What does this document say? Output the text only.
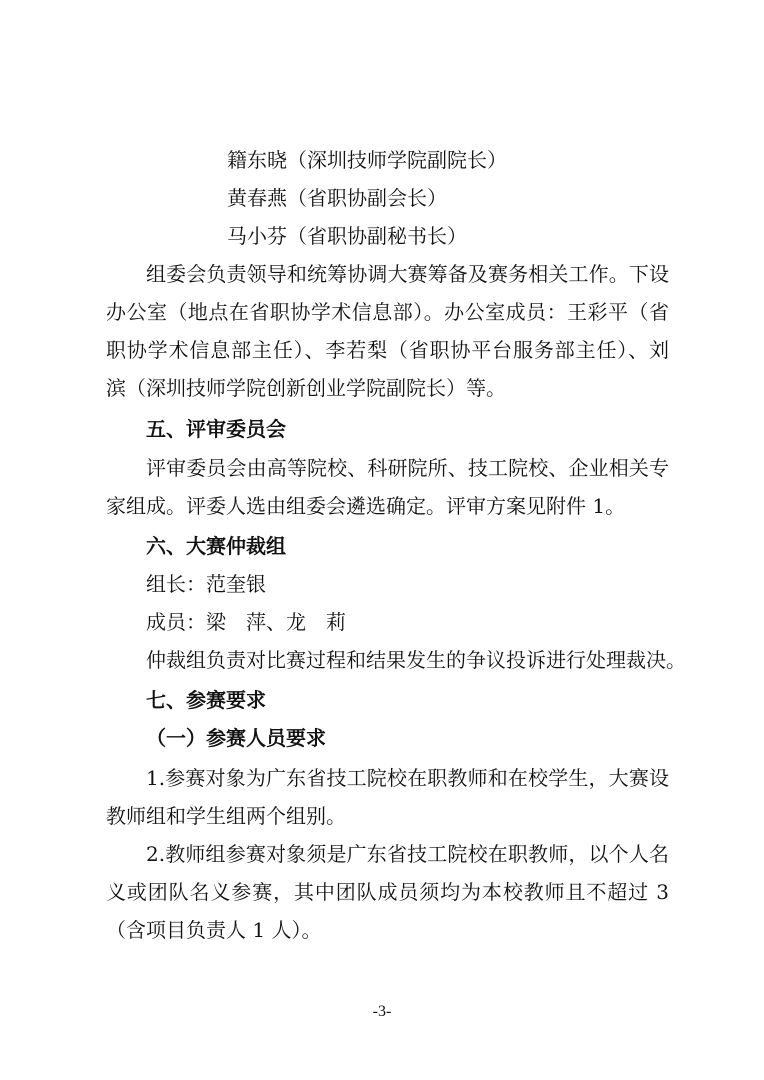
籍东晓（深圳技师学院副院长）
黄春燕（省职协副会长）
马小芬（省职协副秘书长）
组委会负责领导和统筹协调大赛筹备及赛务相关工作。下设
办公室（地点在省职协学术信息部）。办公室成员：王彩平（省
职协学术信息部主任）、李若梨（省职协平台服务部主任）、刘
滨（深圳技师学院创新创业学院副院长）等。
五、评审委员会
评审委员会由高等院校、科研院所、技工院校、企业相关专
家组成。评委人选由组委会遴选确定。评审方案见附件 1。
六、大赛仲裁组
组长：范奎银
成员：梁　萍、龙　莉
仲裁组负责对比赛过程和结果发生的争议投诉进行处理裁决。
七、参赛要求
（一）参赛人员要求
1.参赛对象为广东省技工院校在职教师和在校学生，大赛设
教师组和学生组两个组别。
2.教师组参赛对象须是广东省技工院校在职教师，以个人名
义或团队名义参赛，其中团队成员须均为本校教师且不超过 3
（含项目负责人 1 人）。
-3-
